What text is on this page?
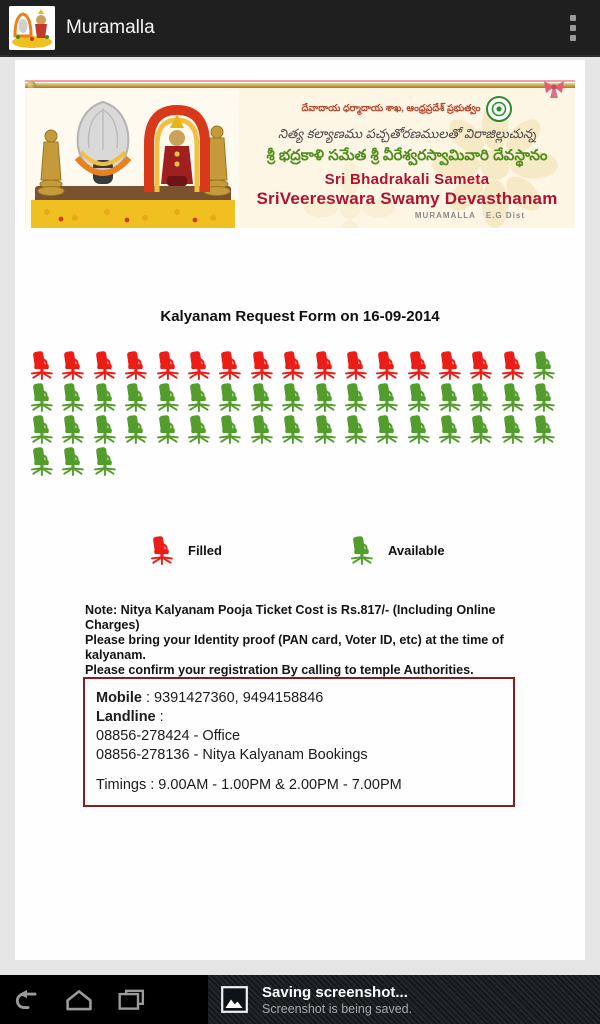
Muramalla
దేవాదాయ ధర్మాదాయ శాఖ, ఆంధ్రప్రదేశ్ ప్రభుత్వం
నిత్య కల్యాణము పచ్చతోరణములతో విరాజిల్లుచున్న
శ్రీ భద్రకాళి సమేత శ్రీ వీరేశ్వరస్వామివారి దేవస్థానం
Sri Bhadrakali Sameta
SriVeereswara Swamy Devasthanam
MURAMALLA E.G Dist
Kalyanam Request Form on 16-09-2014
Filled	Available
Note: Nitya Kalyanam Pooja Ticket Cost is Rs.817/- (Including Online Charges)
Please bring your Identity proof (PAN card, Voter ID, etc) at the time of kalyanam.
Please confirm your registration By calling to temple Authorities.
Mobile : 9391427360, 9494158846
Landline :
08856-278424 - Office
08856-278136 - Nitya Kalyanam Bookings
Timings : 9.00AM - 1.00PM & 2.00PM - 7.00PM
Saving screenshot...
Screenshot is being saved.
